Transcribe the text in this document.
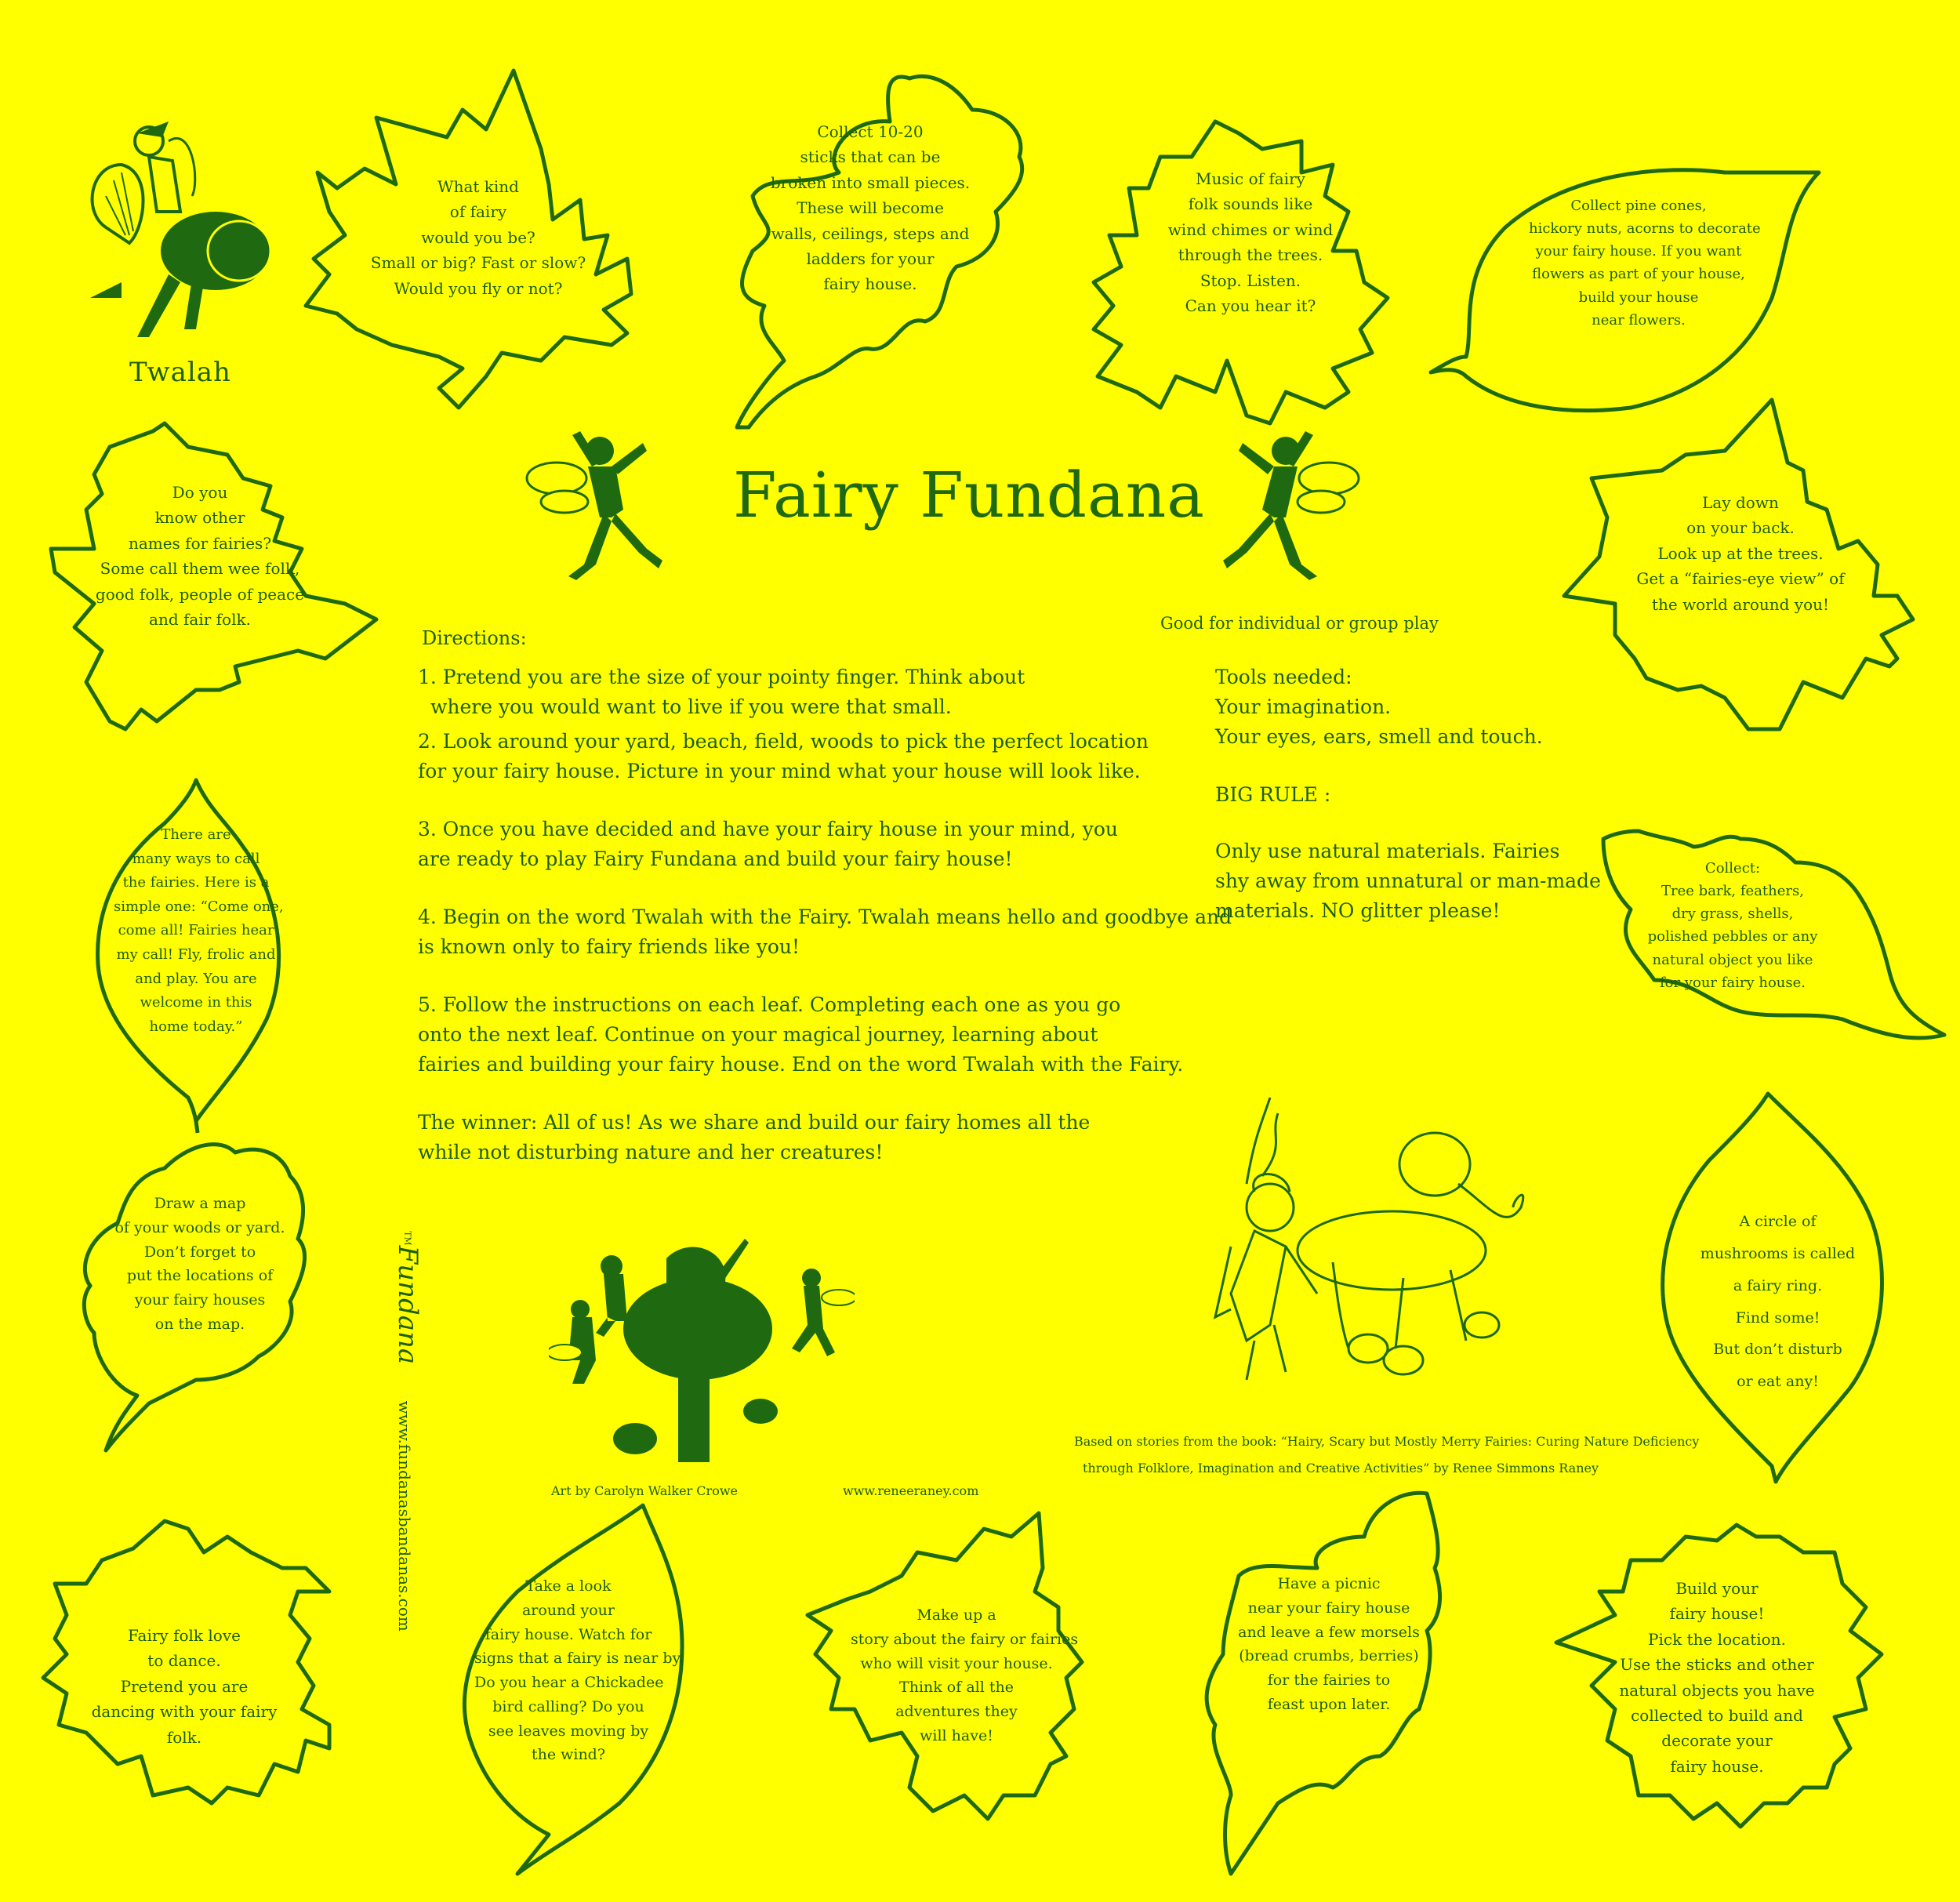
What kind
of fairy
would you be?
Small or big? Fast or slow?
Would you fly or not?
Collect 10-20
sticks that can be
broken into small pieces.
These will become
walls, ceilings, steps and
ladders for your
fairy house.
Music of fairy
folk sounds like
wind chimes or wind
through the trees.
Stop. Listen.
Can you hear it?
Collect pine cones,
hickory nuts, acorns to decorate
your fairy house. If you want
flowers as part of your house,
build your house
near flowers.
Do you
know other
names for fairies?
Some call them wee folk,
good folk, people of peace
and fair folk.
Lay down
on your back.
Look up at the trees.
Get a “fairies-eye view” of
the world around you!
There are
many ways to call
the fairies. Here is a
simple one: “Come one,
come all! Fairies hear
my call! Fly, frolic and
and play. You are
welcome in this
home today.”
Collect:
Tree bark, feathers,
dry grass, shells,
polished pebbles or any
natural object you like
for your fairy house.
Draw a map
of your woods or yard.
Don’t forget to
put the locations of
your fairy houses
on the map.
A circle of
mushrooms is called
a fairy ring.
Find some!
But don’t disturb
or eat any!
Fairy folk love
to dance.
Pretend you are
dancing with your fairy
folk.
Take a look
around your
fairy house. Watch for
signs that a fairy is near by.
Do you hear a Chickadee
bird calling? Do you
see leaves moving by
the wind?
Make up a
story about the fairy or fairies
who will visit your house.
Think of all the
adventures they
will have!
Have a picnic
near your fairy house
and leave a few morsels
(bread crumbs, berries)
for the fairies to
feast upon later.
Build your
fairy house!
Pick the location.
Use the sticks and other
natural objects you have
collected to build and
decorate your
fairy house.
Twalah
Fairy Fundana
Good for individual or group play
Directions:

1. Pretend you are the size of your pointy finger. Think about

where you would want to live if you were that small.

2. Look around your yard, beach, field, woods to pick the perfect location

for your fairy house. Picture in your mind what your house will look like.

3. Once you have decided and have your fairy house in your mind, you

are ready to play Fairy Fundana and build your fairy house!

4. Begin on the word Twalah with the Fairy. Twalah means hello and goodbye and

is known only to fairy friends like you!

5. Follow the instructions on each leaf. Completing each one as you go

onto the next leaf. Continue on your magical journey, learning about

fairies and building your fairy house. End on the word Twalah with the Fairy.

The winner: All of us! As we share and build our fairy homes all the

while not disturbing nature and her creatures!

Tools needed:

Your imagination.

Your eyes, ears, smell and touch.

BIG RULE :

Only use natural materials. Fairies

shy away from unnatural or man-made

materials. NO glitter please!

Based on stories from the book: “Hairy, Scary but Mostly Merry Fairies: Curing Nature Deficiency
through Folklore, Imagination and Creative Activities” by Renee Simmons Raney
Art by Carolyn Walker Crowe	www.reneeraney.com
™Fundana www.fundanasbandanas.com
